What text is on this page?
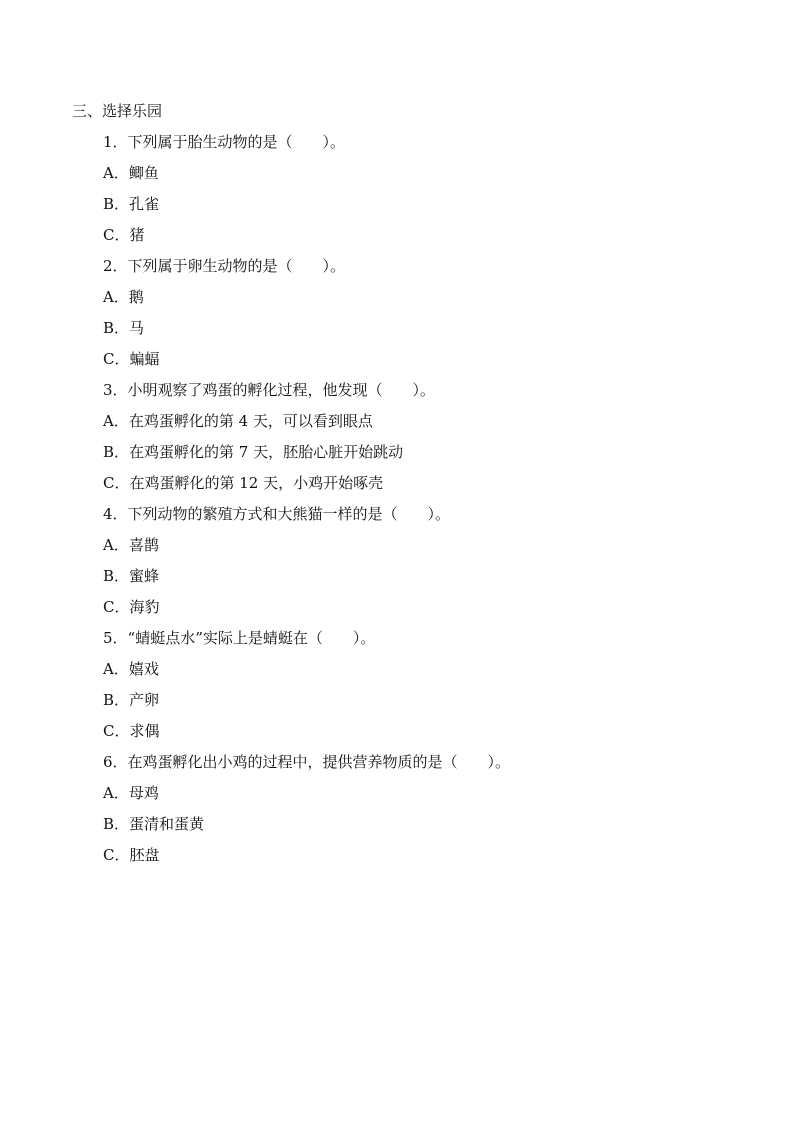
三、选择乐园
1．下列属于胎生动物的是（　　）。
A．鲫鱼
B．孔雀
C．猪
2．下列属于卵生动物的是（　　）。
A．鹅
B．马
C．蝙蝠
3．小明观察了鸡蛋的孵化过程，他发现（　　）。
A．在鸡蛋孵化的第 4 天，可以看到眼点
B．在鸡蛋孵化的第 7 天，胚胎心脏开始跳动
C．在鸡蛋孵化的第 12 天，小鸡开始啄壳
4．下列动物的繁殖方式和大熊猫一样的是（　　）。
A．喜鹊
B．蜜蜂
C．海豹
5．“蜻蜓点水”实际上是蜻蜓在（　　）。
A．嬉戏
B．产卵
C．求偶
6．在鸡蛋孵化出小鸡的过程中，提供营养物质的是（　　）。
A．母鸡
B．蛋清和蛋黄
C．胚盘
